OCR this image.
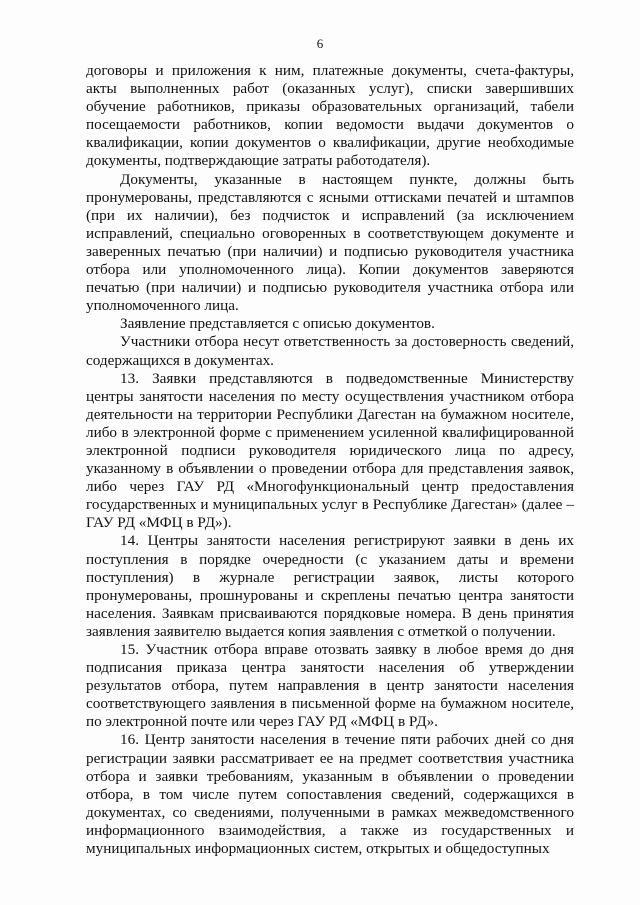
6

договоры и приложения к ним, платежные документы, счета-фактуры, акты выполненных работ (оказанных услуг), списки завершивших обучение работников, приказы образовательных организаций, табели посещаемости работников, копии ведомости выдачи документов о квалификации, копии документов о квалификации, другие необходимые документы, подтверждающие затраты работодателя).

Документы, указанные в настоящем пункте, должны быть пронумерованы, представляются с ясными оттисками печатей и штампов (при их наличии), без подчисток и исправлений (за исключением исправлений, специально оговоренных в соответствующем документе и заверенных печатью (при наличии) и подписью руководителя участника отбора или уполномоченного лица). Копии документов заверяются печатью (при наличии) и подписью руководителя участника отбора или уполномоченного лица.

Заявление представляется с описью документов.

Участники отбора несут ответственность за достоверность сведений, содержащихся в документах.

13. Заявки представляются в подведомственные Министерству центры занятости населения по месту осуществления участником отбора деятельности на территории Республики Дагестан на бумажном носителе, либо в электронной форме с применением усиленной квалифицированной электронной подписи руководителя юридического лица по адресу, указанному в объявлении о проведении отбора для представления заявок, либо через ГАУ РД «Многофункциональный центр предоставления государственных и муниципальных услуг в Республике Дагестан» (далее – ГАУ РД «МФЦ в РД»).

14. Центры занятости населения регистрируют заявки в день их поступления в порядке очередности (с указанием даты и времени поступления) в журнале регистрации заявок, листы которого пронумерованы, прошнурованы и скреплены печатью центра занятости населения. Заявкам присваиваются порядковые номера. В день принятия заявления заявителю выдается копия заявления с отметкой о получении.

15. Участник отбора вправе отозвать заявку в любое время до дня подписания приказа центра занятости населения об утверждении результатов отбора, путем направления в центр занятости населения соответствующего заявления в письменной форме на бумажном носителе, по электронной почте или через ГАУ РД «МФЦ в РД».

16. Центр занятости населения в течение пяти рабочих дней со дня регистрации заявки рассматривает ее на предмет соответствия участника отбора и заявки требованиям, указанным в объявлении о проведении отбора, в том числе путем сопоставления сведений, содержащихся в документах, со сведениями, полученными в рамках межведомственного информационного взаимодействия, а также из государственных и муниципальных информационных систем, открытых и общедоступных
